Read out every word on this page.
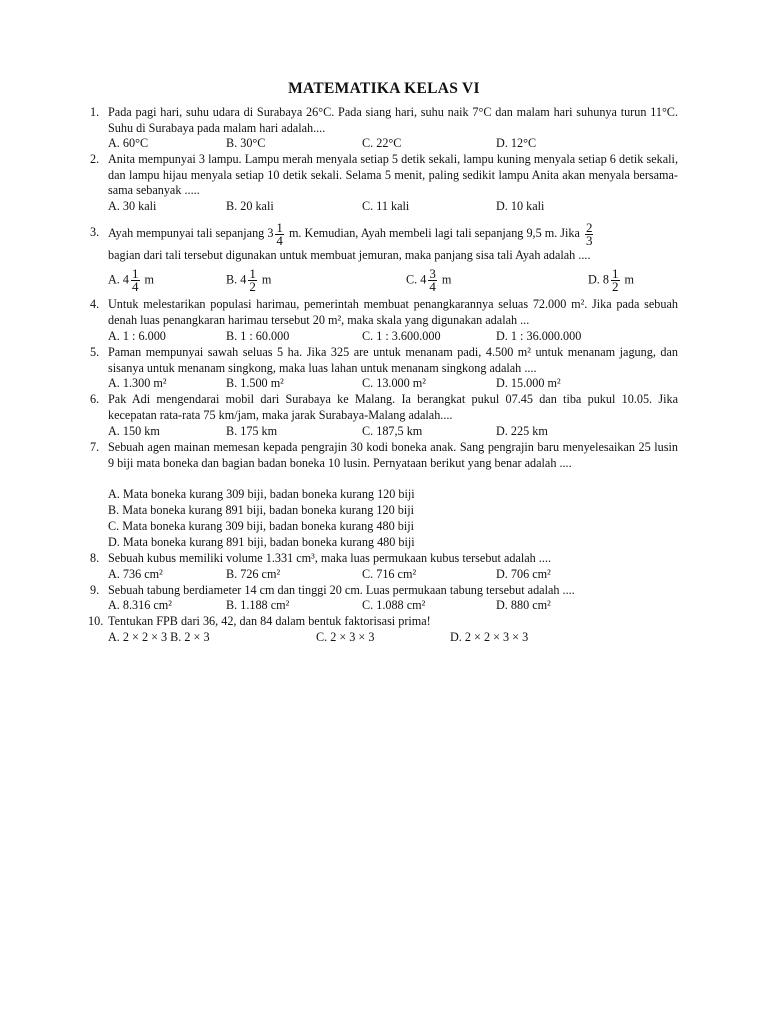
MATEMATIKA KELAS VI
1. Pada pagi hari, suhu udara di Surabaya 26°C. Pada siang hari, suhu naik 7°C dan malam hari suhunya turun 11°C. Suhu di Surabaya pada malam hari adalah....
A. 60°C	B. 30°C	C. 22°C	D. 12°C
2. Anita mempunyai 3 lampu. Lampu merah menyala setiap 5 detik sekali, lampu kuning menyala setiap 6 detik sekali, dan lampu hijau menyala setiap 10 detik sekali. Selama 5 menit, paling sedikit lampu Anita akan menyala bersama-sama sebanyak .....
A. 30 kali	B. 20 kali	C. 11 kali	D. 10 kali
3. Ayah mempunyai tali sepanjang $3 \frac{1}{4} m$. Kemudian, Ayah membeli lagi tali sepanjang 9,5 m. Jika $\frac{2}{3}$
bagian dari tali tersebut digunakan untuk membuat jemuran, maka panjang sisa tali Ayah adalah ....
A. $4 \frac{1}{4}$ m	B. $4 \frac{1}{2}$ m	C. $4 \frac{3}{4}$ m	D. $8 \frac{1}{2}$ m
4. Untuk melestarikan populasi harimau, pemerintah membuat penangkarannya seluas 72.000 m². Jika pada sebuah denah luas penangkaran harimau tersebut 20 m², maka skala yang digunakan adalah ...
A. 1 : 6.000	B. 1 : 60.000	C. 1 : 3.600.000	D. 1 : 36.000.000
5. Paman mempunyai sawah seluas 5 ha. Jika 325 are untuk menanam padi, 4.500 m² untuk menanam jagung, dan sisanya untuk menanam singkong, maka luas lahan untuk menanam singkong adalah ....
A. 1.300 m²	B. 1.500 m²	C. 13.000 m²	D. 15.000 m²
6. Pak Adi mengendarai mobil dari Surabaya ke Malang. Ia berangkat pukul 07.45 dan tiba pukul 10.05. Jika kecepatan rata-rata 75 km/jam, maka jarak Surabaya-Malang adalah....
A. 150 km	B. 175 km	C. 187,5 km	D. 225 km
7. Sebuah agen mainan memesan kepada pengrajin 30 kodi boneka anak. Sang pengrajin baru menyelesaikan 25 lusin 9 biji mata boneka dan bagian badan boneka 10 lusin. Pernyataan berikut yang benar adalah ....
A. Mata boneka kurang 309 biji, badan boneka kurang 120 biji
B. Mata boneka kurang 891 biji, badan boneka kurang 120 biji
C. Mata boneka kurang 309 biji, badan boneka kurang 480 biji
D. Mata boneka kurang 891 biji, badan boneka kurang 480 biji
8. Sebuah kubus memiliki volume 1.331 cm³, maka luas permukaan kubus tersebut adalah ....
A. 736 cm²	B. 726 cm²	C. 716 cm²	D. 706 cm²
9. Sebuah tabung berdiameter 14 cm dan tinggi 20 cm. Luas permukaan tabung tersebut adalah ....
A. 8.316 cm²	B. 1.188 cm²	C. 1.088 cm²	D. 880 cm²
10. Tentukan FPB dari 36, 42, dan 84 dalam bentuk faktorisasi prima!
A. 2 × 2 × 3 B. 2 × 3	C. 2 × 3 × 3	D. 2 × 2 × 3 × 3
